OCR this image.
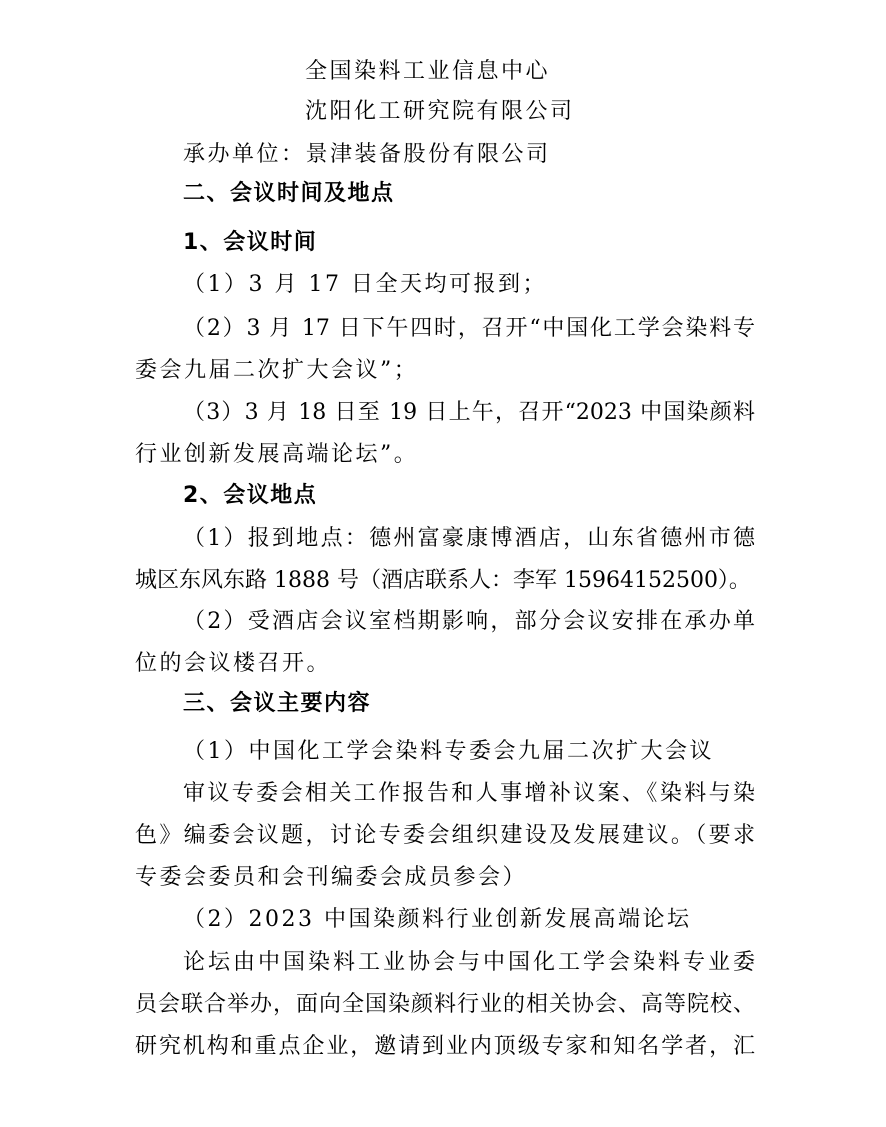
全国染料工业信息中心
沈阳化工研究院有限公司
承办单位：景津装备股份有限公司
二、会议时间及地点
1、会议时间
（1）3 月 17 日全天均可报到；
（2）3 月 17 日下午四时，召开“中国化工学会染料专
委会九届二次扩大会议”；
（3）3 月 18 日至 19 日上午，召开“2023 中国染颜料
行业创新发展高端论坛”。
2、会议地点
（1）报到地点：德州富豪康博酒店，山东省德州市德
城区东风东路 1888 号（酒店联系人：李军 15964152500）。
（2）受酒店会议室档期影响，部分会议安排在承办单
位的会议楼召开。
三、会议主要内容
（1）中国化工学会染料专委会九届二次扩大会议
审议专委会相关工作报告和人事增补议案、《染料与染
色》编委会议题，讨论专委会组织建设及发展建议。（要求
专委会委员和会刊编委会成员参会）
（2）2023 中国染颜料行业创新发展高端论坛
论坛由中国染料工业协会与中国化工学会染料专业委
员会联合举办，面向全国染颜料行业的相关协会、高等院校、
研究机构和重点企业，邀请到业内顶级专家和知名学者，汇
